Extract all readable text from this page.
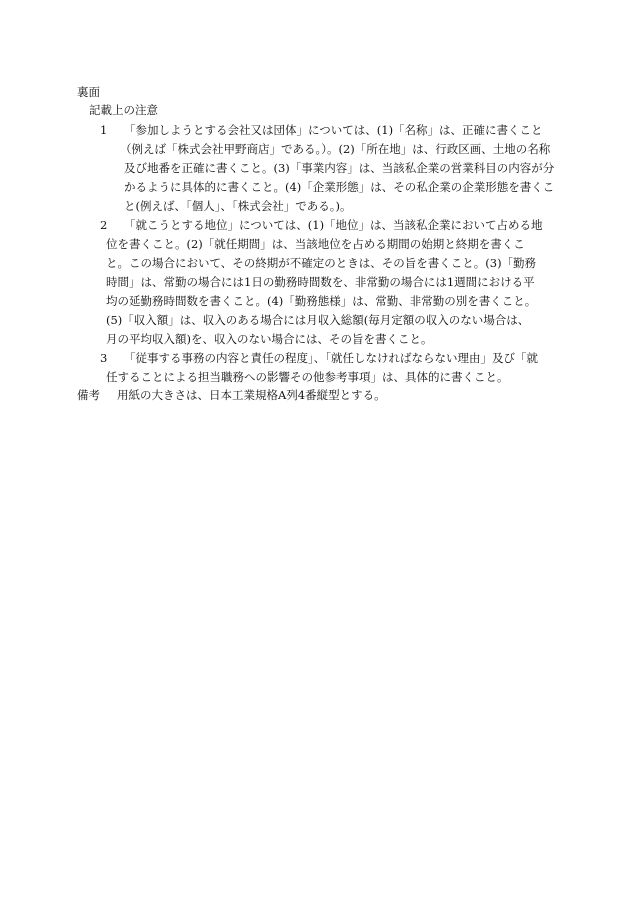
裏面
記載上の注意
1	「参加しようとする会社又は団体」については、(1)「名称」は、正確に書くこと
（例えば「株式会社甲野商店」である。）。(2)「所在地」は、行政区画、土地の名称
及び地番を正確に書くこと。(3)「事業内容」は、当該私企業の営業科目の内容が分
かるように具体的に書くこと。(4)「企業形態」は、その私企業の企業形態を書くこ
と(例えば、「個人」、「株式会社」である。)。
2	「就こうとする地位」については、(1)「地位」は、当該私企業において占める地
位を書くこと。(2)「就任期間」は、当該地位を占める期間の始期と終期を書くこ
と。この場合において、その終期が不確定のときは、その旨を書くこと。(3)「勤務
時間」は、常勤の場合には1日の勤務時間数を、非常勤の場合には1週間における平
均の延勤務時間数を書くこと。(4)「勤務態様」は、常勤、非常勤の別を書くこと。
(5)「収入額」は、収入のある場合には月収入総額(毎月定額の収入のない場合は、
月の平均収入額)を、収入のない場合には、その旨を書くこと。
3	「従事する事務の内容と責任の程度」、「就任しなければならない理由」及び「就
任することによる担当職務への影響その他参考事項」は、具体的に書くこと。
備考 用紙の大きさは、日本工業規格A列4番縦型とする。
